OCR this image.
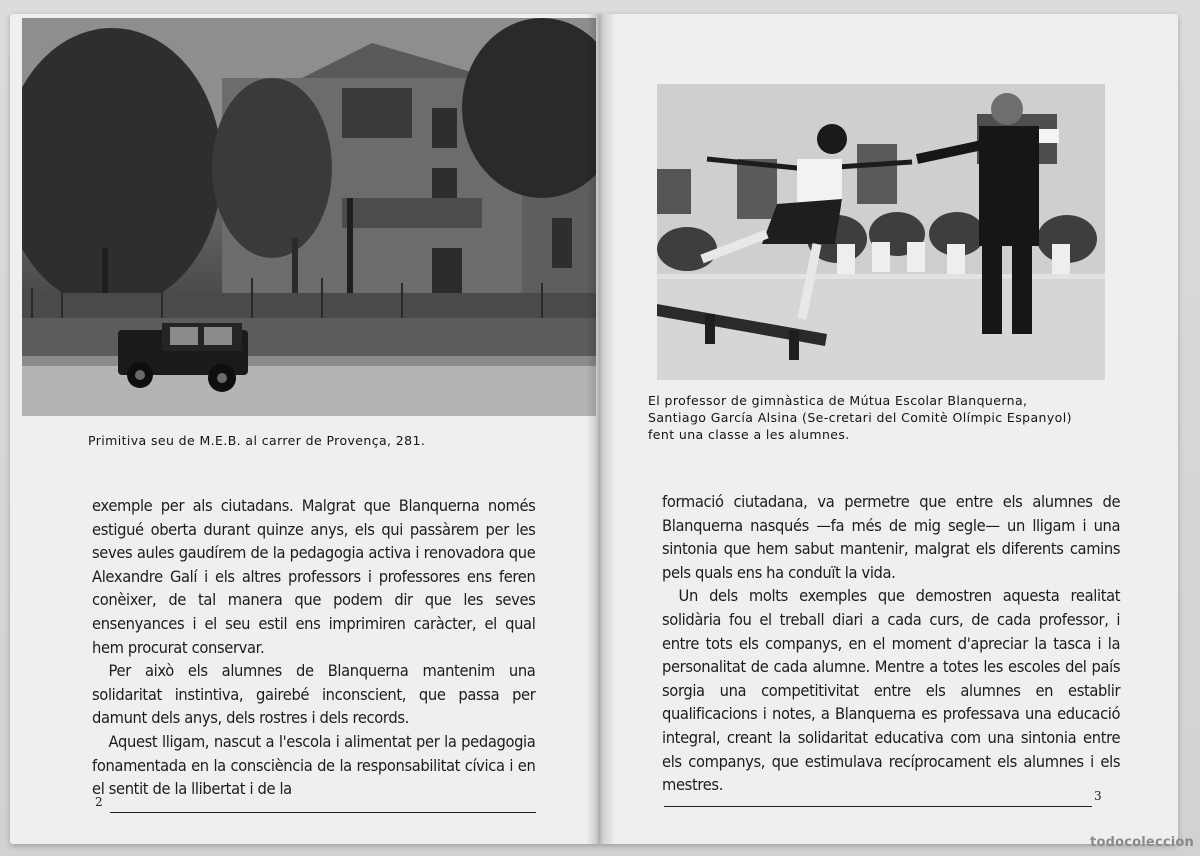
Primitiva seu de M.E.B. al carrer de Provença, 281.
El professor de gimnàstica de Mútua Escolar Blanquerna, Santiago García Alsina (Se-cretari del Comitè Olímpic Espanyol) fent una classe a les alumnes.

exemple per als ciutadans. Malgrat que Blanquerna només estigué oberta durant quinze anys, els qui passàrem per les seves aules gaudírem de la pedagogia activa i renovadora que Alexandre Galí i els altres professors i professores ens feren conèixer, de tal manera que podem dir que les seves ensenyances i el seu estil ens imprimiren caràcter, el qual hem procurat conservar.

Per això els alumnes de Blanquerna mantenim una solidaritat instintiva, gairebé inconscient, que passa per damunt dels anys, dels rostres i dels records.

Aquest lligam, nascut a l'escola i alimentat per la pedagogia fonamentada en la consciència de la responsabilitat cívica i en el sentit de la llibertat i de la

2

formació ciutadana, va permetre que entre els alumnes de Blanquerna nasqués —fa més de mig segle— un lligam i una sintonia que hem sabut mantenir, malgrat els diferents camins pels quals ens ha conduït la vida.

Un dels molts exemples que demostren aquesta realitat solidària fou el treball diari a cada curs, de cada professor, i entre tots els companys, en el moment d'apreciar la tasca i la personalitat de cada alumne. Mentre a totes les escoles del país sorgia una competitivitat entre els alumnes en establir qualificacions i notes, a Blanquerna es professava una educació integral, creant la solidaritat educativa com una sintonia entre els companys, que estimulava recíprocament els alumnes i els mestres.

3
todocoleccion
